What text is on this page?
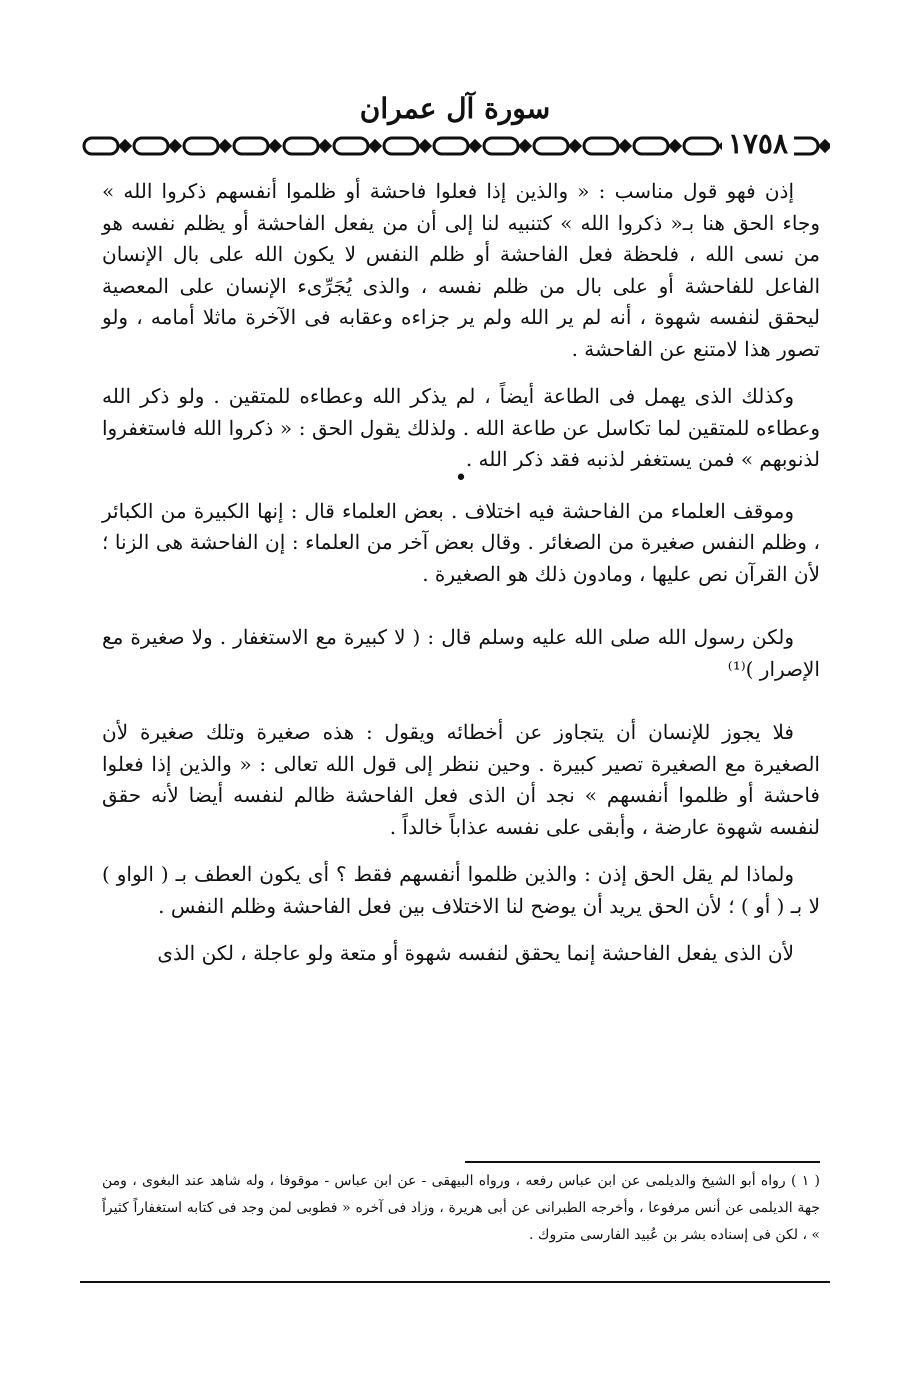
سورة آل عمران
١٧٥٨

إذن فهو قول مناسب : « والذين إذا فعلوا فاحشة أو ظلموا أنفسهم ذكروا الله » وجاء الحق هنا بـ« ذكروا الله » كتنبيه لنا إلى أن من يفعل الفاحشة أو يظلم نفسه هو من نسى الله ، فلحظة فعل الفاحشة أو ظلم النفس لا يكون الله على بال الإنسان الفاعل للفاحشة أو على بال من ظلم نفسه ، والذى يُجَرِّىء الإنسان على المعصية ليحقق لنفسه شهوة ، أنه لم ير الله ولم ير جزاءه وعقابه فى الآخرة ماثلا أمامه ، ولو تصور هذا لامتنع عن الفاحشة .

وكذلك الذى يهمل فى الطاعة أيضاً ، لم يذكر الله وعطاءه للمتقين . ولو ذكر الله وعطاءه للمتقين لما تكاسل عن طاعة الله . ولذلك يقول الحق : « ذكروا الله فاستغفروا لذنوبهم » فمن يستغفر لذنبه فقد ذكر الله .

•

وموقف العلماء من الفاحشة فيه اختلاف . بعض العلماء قال : إنها الكبيرة من الكبائر ، وظلم النفس صغيرة من الصغائر . وقال بعض آخر من العلماء : إن الفاحشة هى الزنا ؛ لأن القرآن نص عليها ، ومادون ذلك هو الصغيرة .

ولكن رسول الله صلى الله عليه وسلم قال : ( لا كبيرة مع الاستغفار . ولا صغيرة مع الإصرار )⁽¹⁾

فلا يجوز للإنسان أن يتجاوز عن أخطائه ويقول : هذه صغيرة وتلك صغيرة لأن الصغيرة مع الصغيرة تصير كبيرة . وحين ننظر إلى قول الله تعالى : « والذين إذا فعلوا فاحشة أو ظلموا أنفسهم » نجد أن الذى فعل الفاحشة ظالم لنفسه أيضا لأنه حقق لنفسه شهوة عارضة ، وأبقى على نفسه عذاباً خالداً .

ولماذا لم يقل الحق إذن : والذين ظلموا أنفسهم فقط ؟ أى يكون العطف بـ ( الواو ) لا بـ ( أو ) ؛ لأن الحق يريد أن يوضح لنا الاختلاف بين فعل الفاحشة وظلم النفس .

لأن الذى يفعل الفاحشة إنما يحقق لنفسه شهوة أو متعة ولو عاجلة ، لكن الذى

( ١ ) رواه أبو الشيخ والديلمى عن ابن عباس رفعه ، ورواه البيهقى - عن ابن عباس - موقوفا ، وله شاهد عند البغوى ، ومن جهة الديلمى عن أنس مرفوعا ، وأخرجه الطبرانى عن أبى هريرة ، وزاد فى آخره « فطوبى لمن وجد فى كتابه استغفاراً كثيراً » ، لكن فى إسناده بشر بن عُبيد الفارسى متروك .
